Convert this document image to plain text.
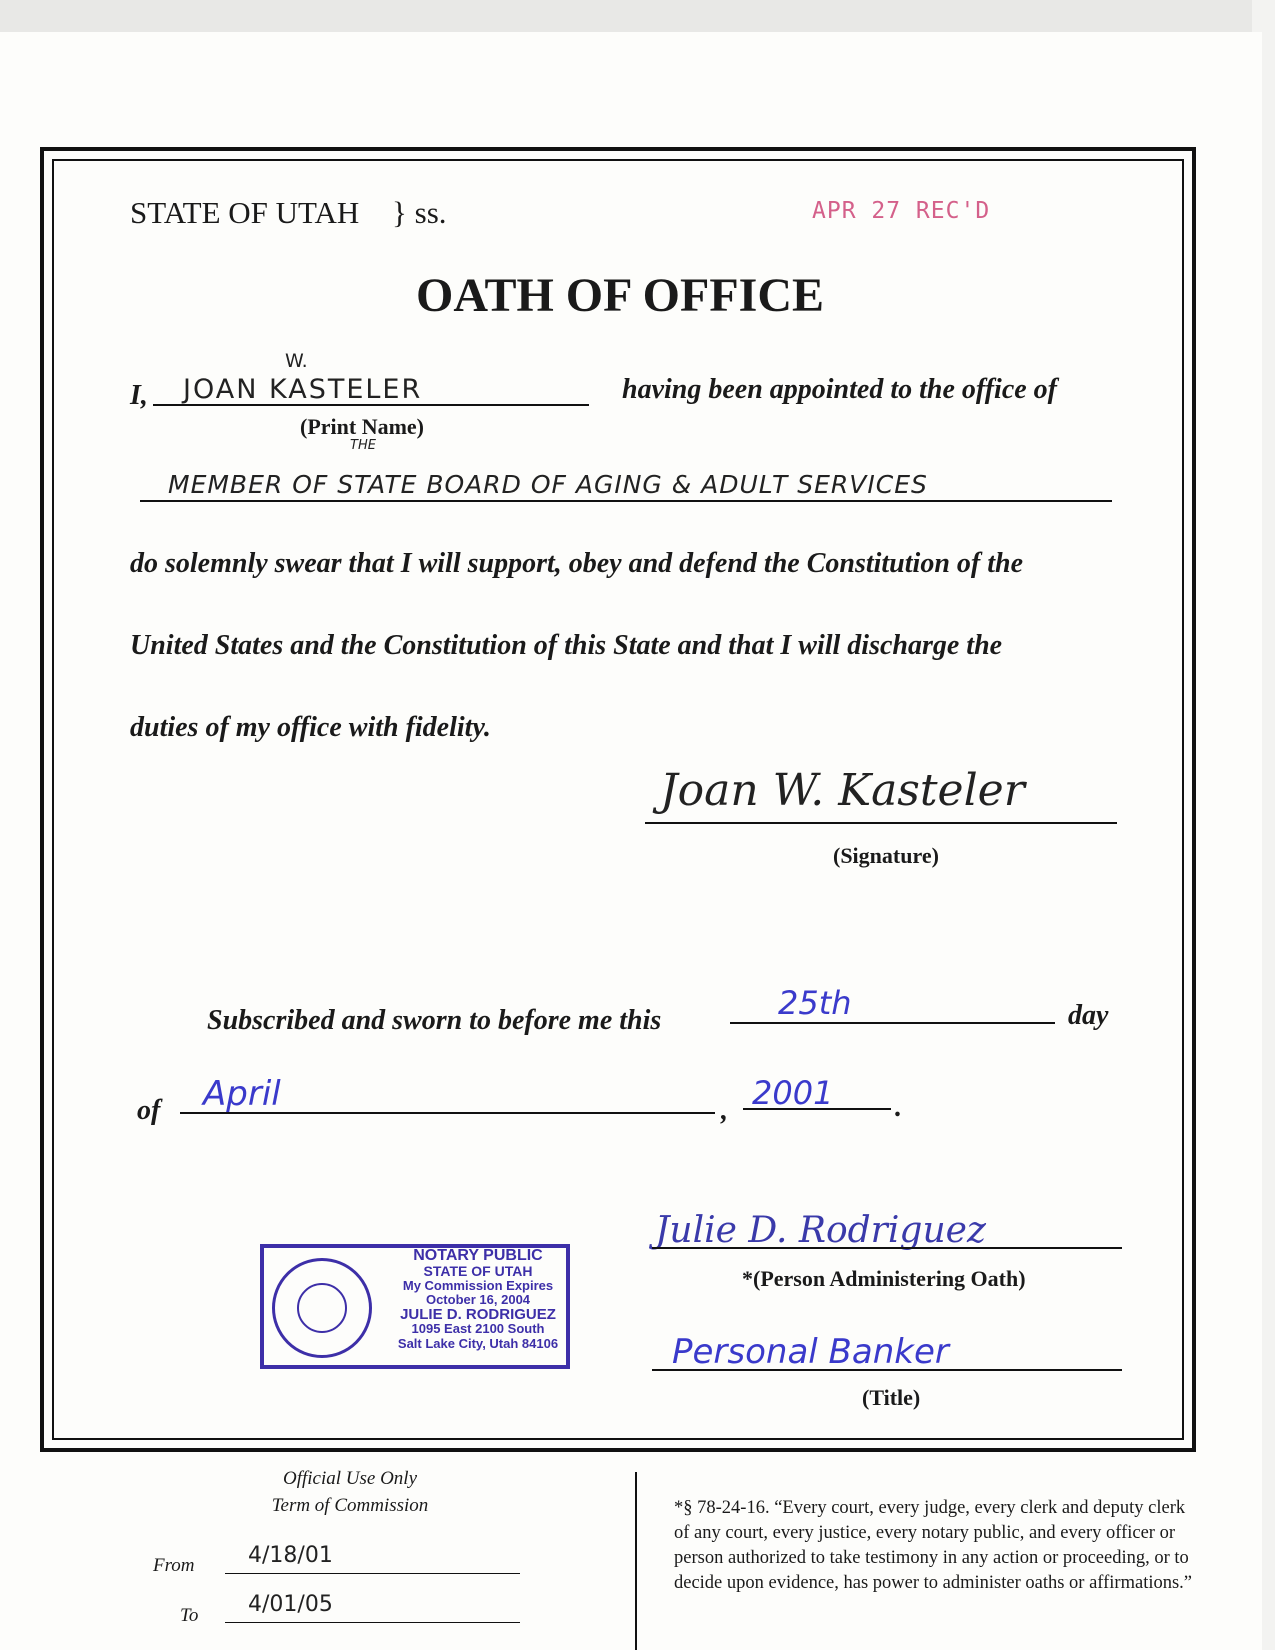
STATE OF UTAH } ss.	APR 27 REC'D
OATH OF OFFICE
I,
W.
JOAN KASTELER	having been appointed to the office of
(Print Name)
THE
MEMBER OF STATE BOARD OF AGING & ADULT SERVICES
do solemnly swear that I will support, obey and defend the Constitution of the
United States and the Constitution of this State and that I will discharge the
duties of my office with fidelity.
Joan W. Kasteler
(Signature)
Subscribed and sworn to before me this	25th	day
of April	, 2001 .
NOTARY PUBLIC
STATE OF UTAH
My Commission Expires
October 16, 2004
JULIE D. RODRIGUEZ
1095 East 2100 South
Salt Lake City, Utah 84106
Julie D. Rodriguez
*(Person Administering Oath)
Personal Banker
(Title)
Official Use Only
Term of Commission
From 4/18/01
To 4/01/05
*§ 78-24-16. “Every court, every judge, every clerk and deputy clerk of any court, every justice, every notary public, and every officer or person authorized to take testimony in any action or proceeding, or to decide upon evidence, has power to administer oaths or affirmations.”
